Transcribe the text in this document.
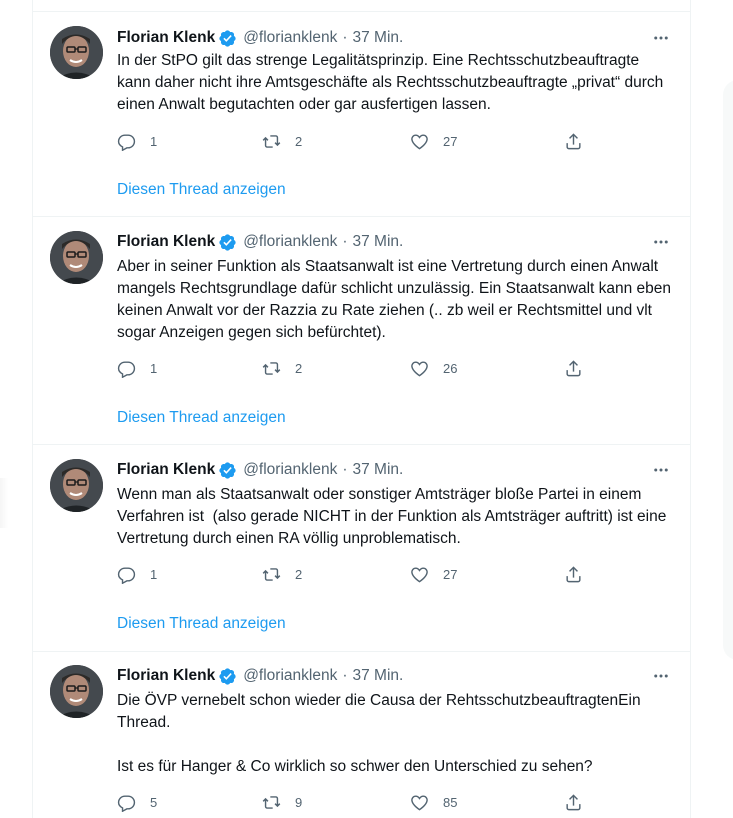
Florian Klenk @florianklenk · 37 Min.
In der StPO gilt das strenge Legalitätsprinzip. Eine Rechtsschutzbeauftragte kann daher nicht ihre Amtsgeschäfte als Rechtsschutzbeauftragte „privat“ durch einen Anwalt begutachten oder gar ausfertigen lassen.
1	2	27
Diesen Thread anzeigen
Florian Klenk @florianklenk · 37 Min.
Aber in seiner Funktion als Staatsanwalt ist eine Vertretung durch einen Anwalt mangels Rechtsgrundlage dafür schlicht unzulässig. Ein Staatsanwalt kann eben keinen Anwalt vor der Razzia zu Rate ziehen (.. zb weil er Rechtsmittel und vlt sogar Anzeigen gegen sich befürchtet).
1	2	26
Diesen Thread anzeigen
Florian Klenk @florianklenk · 37 Min.
Wenn man als Staatsanwalt oder sonstiger Amtsträger bloße Partei in einem Verfahren ist  (also gerade NICHT in der Funktion als Amtsträger auftritt) ist eine Vertretung durch einen RA völlig unproblematisch.
1	2	27
Diesen Thread anzeigen
Florian Klenk @florianklenk · 37 Min.
Die ÖVP vernebelt schon wieder die Causa der RehtsschutzbeauftragtenEin Thread.

Ist es für Hanger & Co wirklich so schwer den Unterschied zu sehen?
5	9	85
